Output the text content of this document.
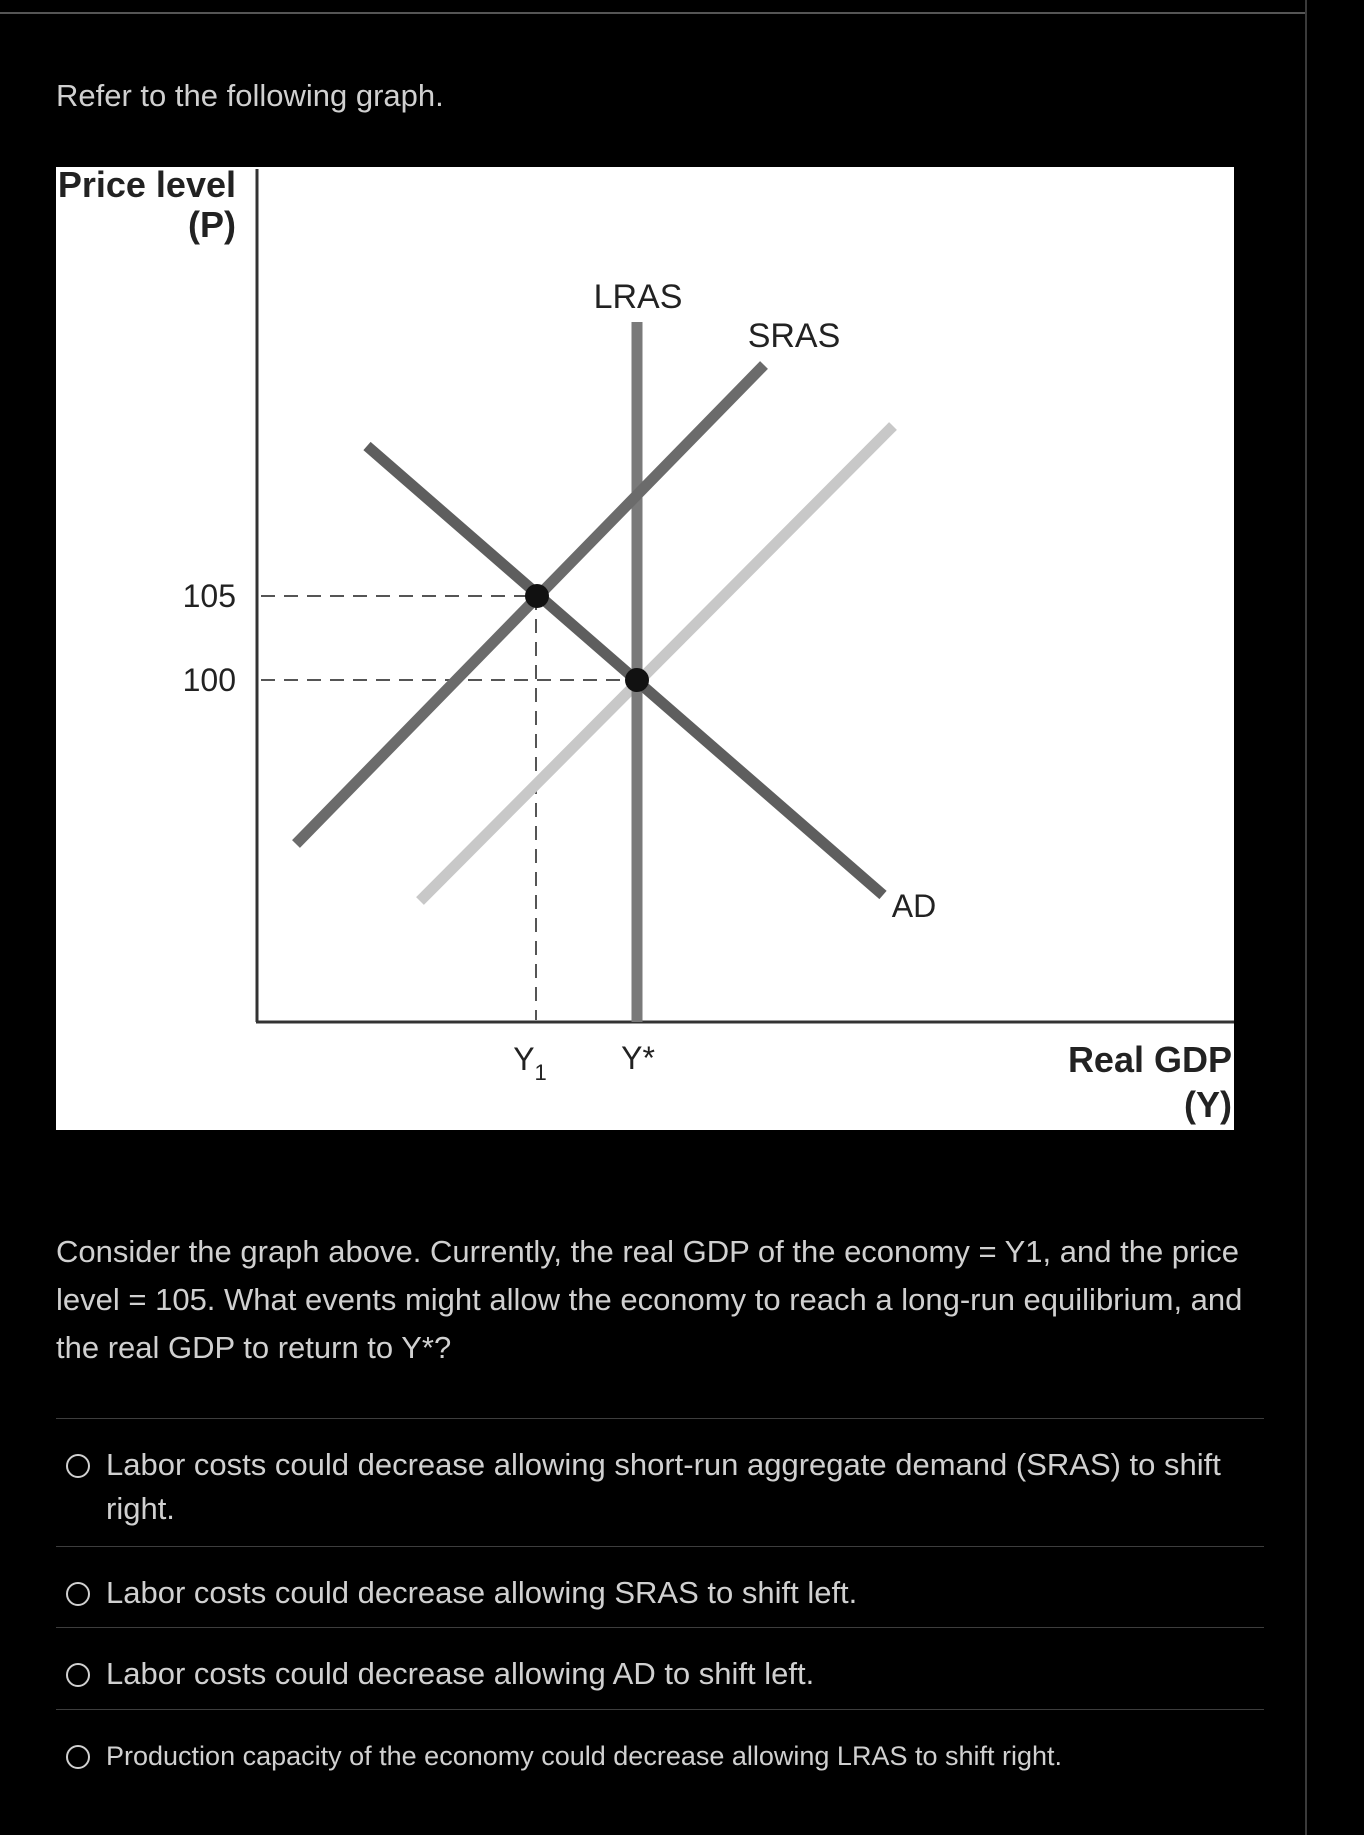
Refer to the following graph.
Price level
(P)
Real GDP
(Y)
105
100
LRAS
SRAS
AD
$Y_1$ Y*
Consider the graph above. Currently, the real GDP of the economy = Y1, and the price level = 105. What events might allow the economy to reach a long-run equilibrium, and the real GDP to return to Y*?
Labor costs could decrease allowing short-run aggregate demand (SRAS) to shift right.
Labor costs could decrease allowing SRAS to shift left.
Labor costs could decrease allowing AD to shift left.
Production capacity of the economy could decrease allowing LRAS to shift right.
